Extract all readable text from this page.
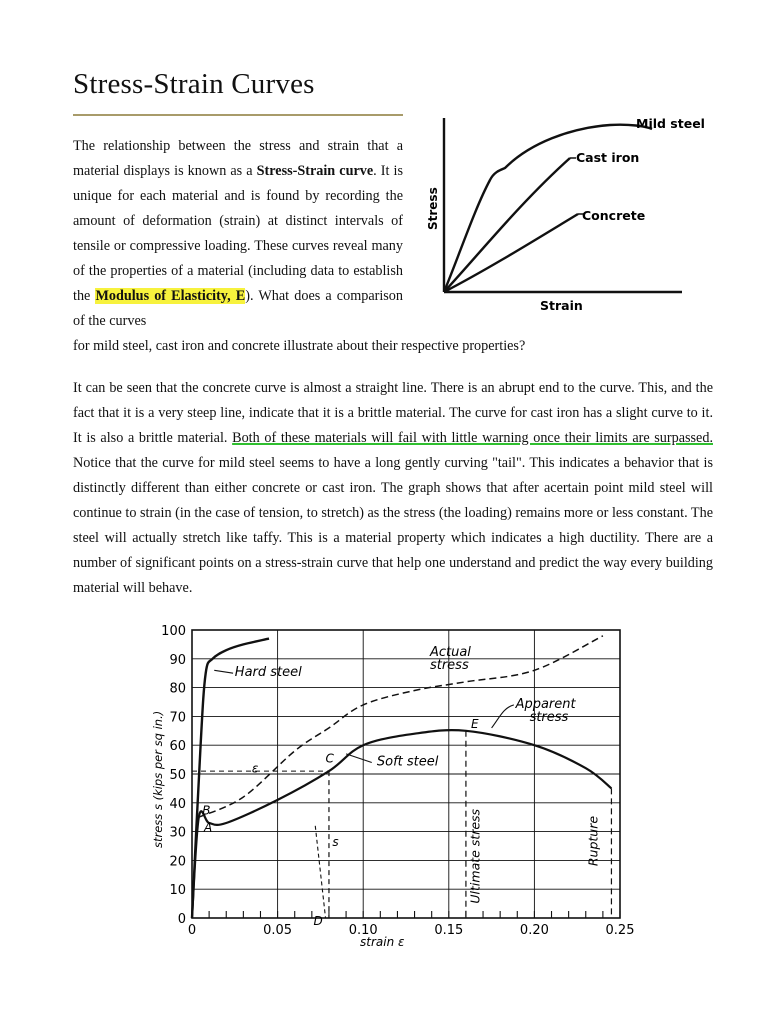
Stress-Strain Curves

The relationship between the stress and strain that a material displays is known as a Stress-Strain curve. It is unique for each material and is found by recording the amount of deformation (strain) at distinct intervals of tensile or compressive loading. These curves reveal many of the properties of a material (including data to establish the Modulus of Elasticity, E). What does a comparison of the curves

for mild steel, cast iron and concrete illustrate about their respective properties?

It can be seen that the concrete curve is almost a straight line. There is an abrupt end to the curve. This, and the fact that it is a very steep line, indicate that it is a brittle material. The curve for cast iron has a slight curve to it. It is also a brittle material. Both of these materials will fail with little warning once their limits are surpassed. Notice that the curve for mild steel seems to have a long gently curving "tail". This indicates a behavior that is distinctly different than either concrete or cast iron. The graph shows that after acertain point mild steel will continue to strain (in the case of tension, to stretch) as the stress (the loading) remains more or less constant. The steel will actually stretch like taffy. This is a material property which indicates a high ductility. There are a number of significant points on a stress-strain curve that help one understand and predict the way every building material will behave.

Mild steel
Cast iron
Concrete
Strain
Stress
0
10
20
30
40
50
60
70
80
90
100
0	0.05	0.10	0.15	0.20	0.25
Actual
stress
Apparent
stress
Hard steel
Soft steel
A
B
C
D
E
ε
s	Ultimate stress	Rupture
strain ε
stress s (kips per sq in.)
